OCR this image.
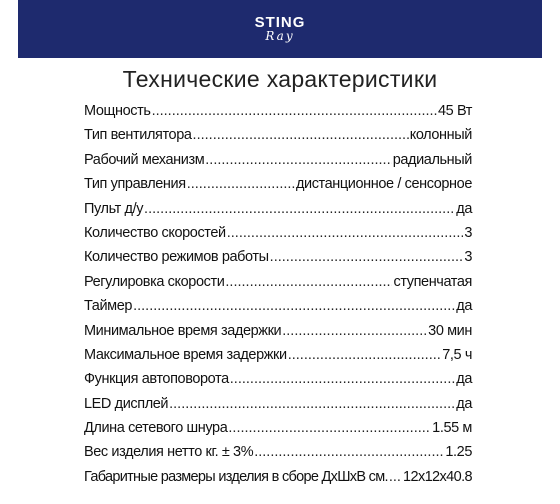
STING
Ray
Технические характеристики
Мощность .....	45 Вт
Тип вентилятора .....	колонный
Рабочий механизм .....	радиальный
Тип управления .....	дистанционное / сенсорное
Пульт д/у .....	да
Количество скоростей .....	3
Количество режимов работы .....	3
Регулировка скорости .....	ступенчатая
Таймер .....	да
Минимальное время задержки .....	30 мин
Максимальное время задержки .....	7,5 ч
Функция автоповорота .....	да
LED дисплей .....	да
Длина сетевого шнура .....	1.55 м
Вес изделия нетто кг. ± 3% .....	1.25
Габаритные размеры изделия в сборе ДхШхВ см. ..... 12х12х40.8
